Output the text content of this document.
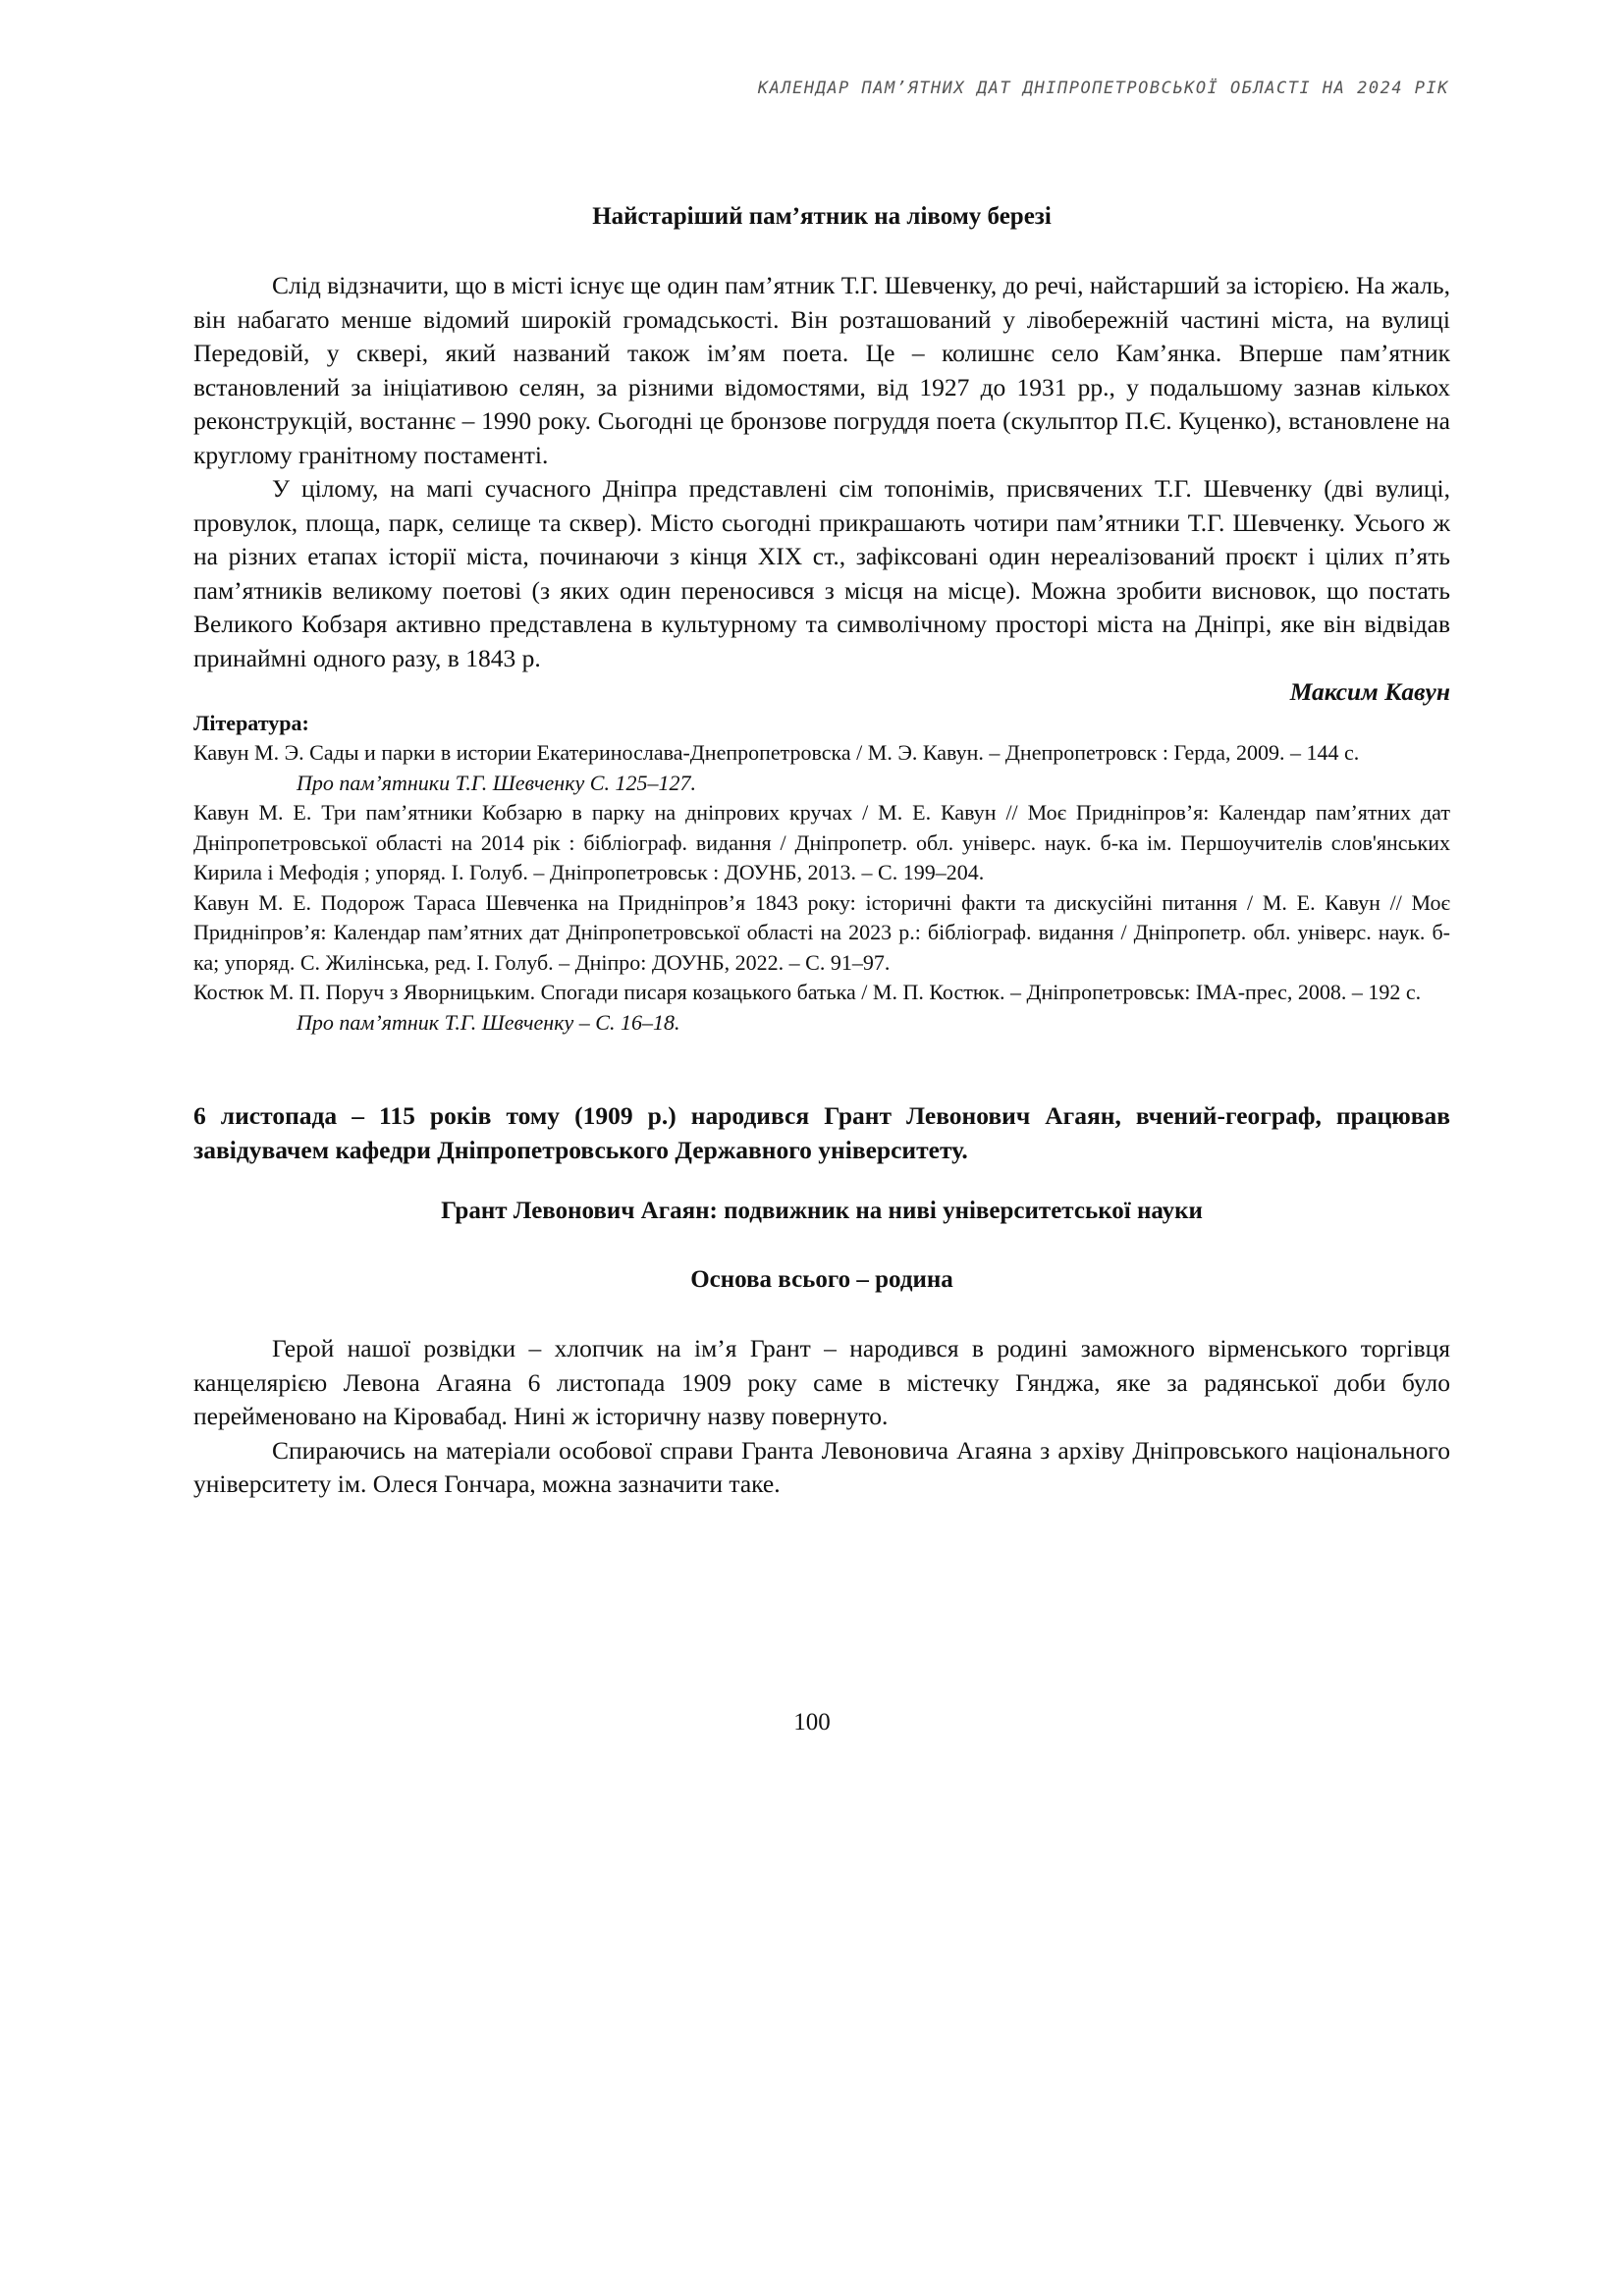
КАЛЕНДАР ПАМ’ЯТНИХ ДАТ ДНІПРОПЕТРОВСЬКОЇ ОБЛАСТІ НА 2024 РІК
Найстаріший пам’ятник на лівому березі

Слід відзначити, що в місті існує ще один пам’ятник Т.Г. Шевченку, до речі, найстарший за історією. На жаль, він набагато менше відомий широкій громадськості. Він розташований у лівобережній частині міста, на вулиці Передовій, у сквері, який названий також ім’ям поета. Це – колишнє село Кам’янка. Вперше пам’ятник встановлений за ініціативою селян, за різними відомостями, від 1927 до 1931 рр., у подальшому зазнав кількох реконструкцій, востаннє – 1990 року. Сьогодні це бронзове погруддя поета (скульптор П.Є. Куценко), встановлене на круглому гранітному постаменті.

У цілому, на мапі сучасного Дніпра представлені сім топонімів, присвячених Т.Г. Шевченку (дві вулиці, провулок, площа, парк, селище та сквер). Місто сьогодні прикрашають чотири пам’ятники Т.Г. Шевченку. Усього ж на різних етапах історії міста, починаючи з кінця XIX ст., зафіксовані один нереалізований проєкт і цілих п’ять пам’ятників великому поетові (з яких один переносився з місця на місце). Можна зробити висновок, що постать Великого Кобзаря активно представлена в культурному та символічному просторі міста на Дніпрі, яке він відвідав принаймні одного разу, в 1843 р.

Максим Кавун

Література:

Кавун М. Э. Сады и парки в истории Екатеринослава-Днепропетровска / М. Э. Кавун. – Днепропетровск : Герда, 2009. – 144 с.

Про пам’ятники Т.Г. Шевченку С. 125–127.

Кавун М. Е. Три пам’ятники Кобзарю в парку на дніпрових кручах / М. Е. Кавун // Моє Придніпров’я: Календар пам’ятних дат Дніпропетровської області на 2014 рік : бібліограф. видання / Дніпропетр. обл. універс. наук. б-ка ім. Першоучителів слов'янських Кирила і Мефодія ; упоряд. І. Голуб. – Дніпропетровськ : ДОУНБ, 2013. – С. 199–204.

Кавун М. Е. Подорож Тараса Шевченка на Придніпров’я 1843 року: історичні факти та дискусійні питання / М. Е. Кавун // Моє Придніпров’я: Календар пам’ятних дат Дніпропетровської області на 2023 р.: бібліограф. видання / Дніпропетр. обл. універс. наук. б-ка; упоряд. С. Жилінська, ред. І. Голуб. – Дніпро: ДОУНБ, 2022. – С. 91–97.

Костюк М. П. Поруч з Яворницьким. Спогади писаря козацького батька / М. П. Костюк. – Дніпропетровськ: ІМА-прес, 2008. – 192 с.

Про пам’ятник Т.Г. Шевченку – С. 16–18.

6 листопада – 115 років тому (1909 р.) народився Грант Левонович Агаян, вчений-географ, працював завідувачем кафедри Дніпропетровського Державного університету.

Грант Левонович Агаян: подвижник на ниві університетської науки
Основа всього – родина

Герой нашої розвідки – хлопчик на ім’я Грант – народився в родині заможного вірменського торгівця канцелярією Левона Агаяна 6 листопада 1909 року саме в містечку Гянджа, яке за радянської доби було перейменовано на Кіровабад. Нині ж історичну назву повернуто.

Спираючись на матеріали особової справи Гранта Левоновича Агаяна з архіву Дніпровського національного університету ім. Олеся Гончара, можна зазначити таке.

100
